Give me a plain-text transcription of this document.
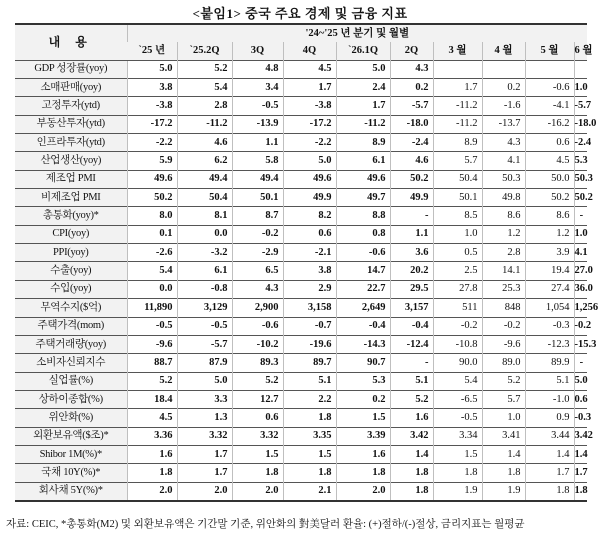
<붙임1> 중국 주요 경제 및 금융 지표
내 용	'24~'25 년 분기 및 월별									
	`25 년	`25.2Q	3Q	4Q	`26.1Q	2Q	3 월	4 월	5 월	6 월
GDP 성장률(yoy)	5.0	5.2	4.8	4.5	5.0	4.3				
소매판매(yoy)	3.8	5.4	3.4	1.7	2.4	0.2	1.7	0.2	-0.6	1.0
고정투자(ytd)	-3.8	2.8	-0.5	-3.8	1.7	-5.7	-11.2	-1.6	-4.1	-5.7
부동산투자(ytd)	-17.2	-11.2	-13.9	-17.2	-11.2	-18.0	-11.2	-13.7	-16.2	-18.0
인프라투자(ytd)	-2.2	4.6	1.1	-2.2	8.9	-2.4	8.9	4.3	0.6	-2.4
산업생산(yoy)	5.9	6.2	5.8	5.0	6.1	4.6	5.7	4.1	4.5	5.3
제조업 PMI	49.6	49.4	49.4	49.6	49.6	50.2	50.4	50.3	50.0	50.3
비제조업 PMI	50.2	50.4	50.1	49.9	49.7	49.9	50.1	49.8	50.2	50.2
총통화(yoy)*	8.0	8.1	8.7	8.2	8.8	-	8.5	8.6	8.6	-
CPI(yoy)	0.1	0.0	-0.2	0.6	0.8	1.1	1.0	1.2	1.2	1.0
PPI(yoy)	-2.6	-3.2	-2.9	-2.1	-0.6	3.6	0.5	2.8	3.9	4.1
수출(yoy)	5.4	6.1	6.5	3.8	14.7	20.2	2.5	14.1	19.4	27.0
수입(yoy)	0.0	-0.8	4.3	2.9	22.7	29.5	27.8	25.3	27.4	36.0
무역수지($억)	11,890	3,129	2,900	3,158	2,649	3,157	511	848	1,054	1,256
주택가격(mom)	-0.5	-0.5	-0.6	-0.7	-0.4	-0.4	-0.2	-0.2	-0.3	-0.2
주택거래량(yoy)	-9.6	-5.7	-10.2	-19.6	-14.3	-12.4	-10.8	-9.6	-12.3	-15.3
소비자신뢰지수	88.7	87.9	89.3	89.7	90.7	-	90.0	89.0	89.9	-
실업률(%)	5.2	5.0	5.2	5.1	5.3	5.1	5.4	5.2	5.1	5.0
상하이종합(%)	18.4	3.3	12.7	2.2	0.2	5.2	-6.5	5.7	-1.0	0.6
위안화(%)	4.5	1.3	0.6	1.8	1.5	1.6	-0.5	1.0	0.9	-0.3
외환보유액($조)*	3.36	3.32	3.32	3.35	3.39	3.42	3.34	3.41	3.44	3.42
Shibor 1M(%)*	1.6	1.7	1.5	1.5	1.6	1.4	1.5	1.4	1.4	1.4
국채 10Y(%)*	1.8	1.7	1.8	1.8	1.8	1.8	1.8	1.8	1.7	1.7
회사채 5Y(%)*	2.0	2.0	2.0	2.1	2.0	1.8	1.9	1.9	1.8	1.8
자료: CEIC, *총통화(M2) 및 외환보유액은 기간말 기준, 위안화의 對美달러 환율: (+)절하/(-)절상, 금리지표는 월평균
